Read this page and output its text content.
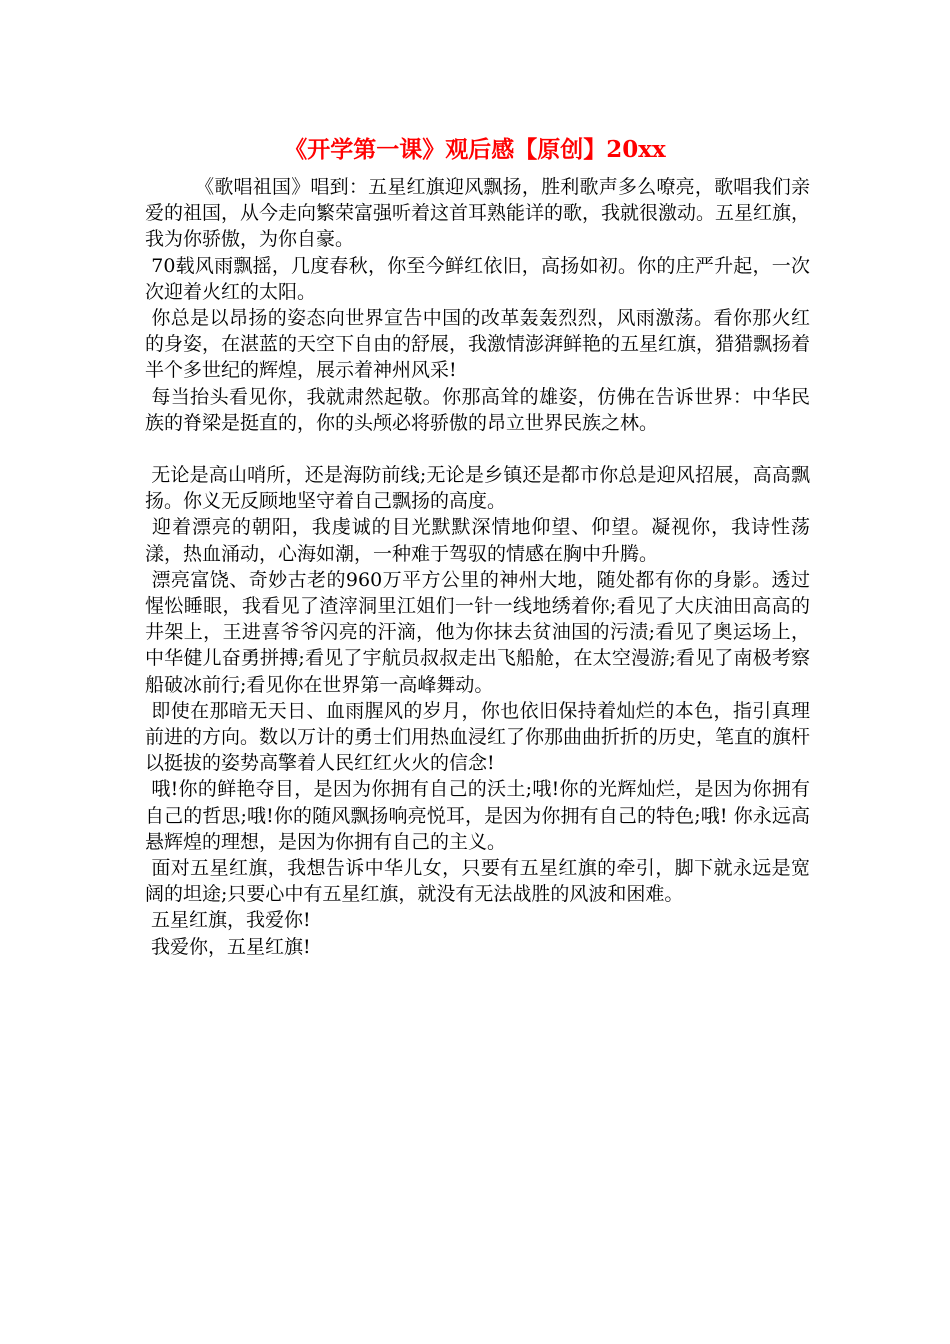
《开学第一课》观后感【原创】20xx

《歌唱祖国》唱到：五星红旗迎风飘扬，胜利歌声多么嘹亮，歌唱我们亲爱的祖国，从今走向繁荣富强听着这首耳熟能详的歌，我就很激动。五星红旗，我为你骄傲，为你自豪。

70载风雨飘摇，几度春秋，你至今鲜红依旧，高扬如初。你的庄严升起，一次次迎着火红的太阳。

你总是以昂扬的姿态向世界宣告中国的改革轰轰烈烈，风雨激荡。看你那火红的身姿，在湛蓝的天空下自由的舒展，我激情澎湃鲜艳的五星红旗，猎猎飘扬着半个多世纪的辉煌，展示着神州风采!

每当抬头看见你，我就肃然起敬。你那高耸的雄姿，仿佛在告诉世界：中华民族的脊梁是挺直的，你的头颅必将骄傲的昂立世界民族之林。

无论是高山哨所，还是海防前线;无论是乡镇还是都市你总是迎风招展，高高飘扬。你义无反顾地坚守着自己飘扬的高度。

迎着漂亮的朝阳，我虔诚的目光默默深情地仰望、仰望。凝视你，我诗性荡漾，热血涌动，心海如潮，一种难于驾驭的情感在胸中升腾。

漂亮富饶、奇妙古老的960万平方公里的神州大地，随处都有你的身影。透过惺忪睡眼，我看见了渣滓洞里江姐们一针一线地绣着你;看见了大庆油田高高的井架上，王进喜爷爷闪亮的汗滴，他为你抹去贫油国的污渍;看见了奥运场上，中华健儿奋勇拼搏;看见了宇航员叔叔走出飞船舱，在太空漫游;看见了南极考察船破冰前行;看见你在世界第一高峰舞动。

即使在那暗无天日、血雨腥风的岁月，你也依旧保持着灿烂的本色，指引真理前进的方向。数以万计的勇士们用热血浸红了你那曲曲折折的历史，笔直的旗杆以挺拔的姿势高擎着人民红红火火的信念!

哦!你的鲜艳夺目，是因为你拥有自己的沃土;哦!你的光辉灿烂，是因为你拥有自己的哲思;哦!你的随风飘扬响亮悦耳，是因为你拥有自己的特色;哦! 你永远高悬辉煌的理想，是因为你拥有自己的主义。

面对五星红旗，我想告诉中华儿女，只要有五星红旗的牵引，脚下就永远是宽阔的坦途;只要心中有五星红旗，就没有无法战胜的风波和困难。

五星红旗，我爱你!

我爱你，五星红旗!
